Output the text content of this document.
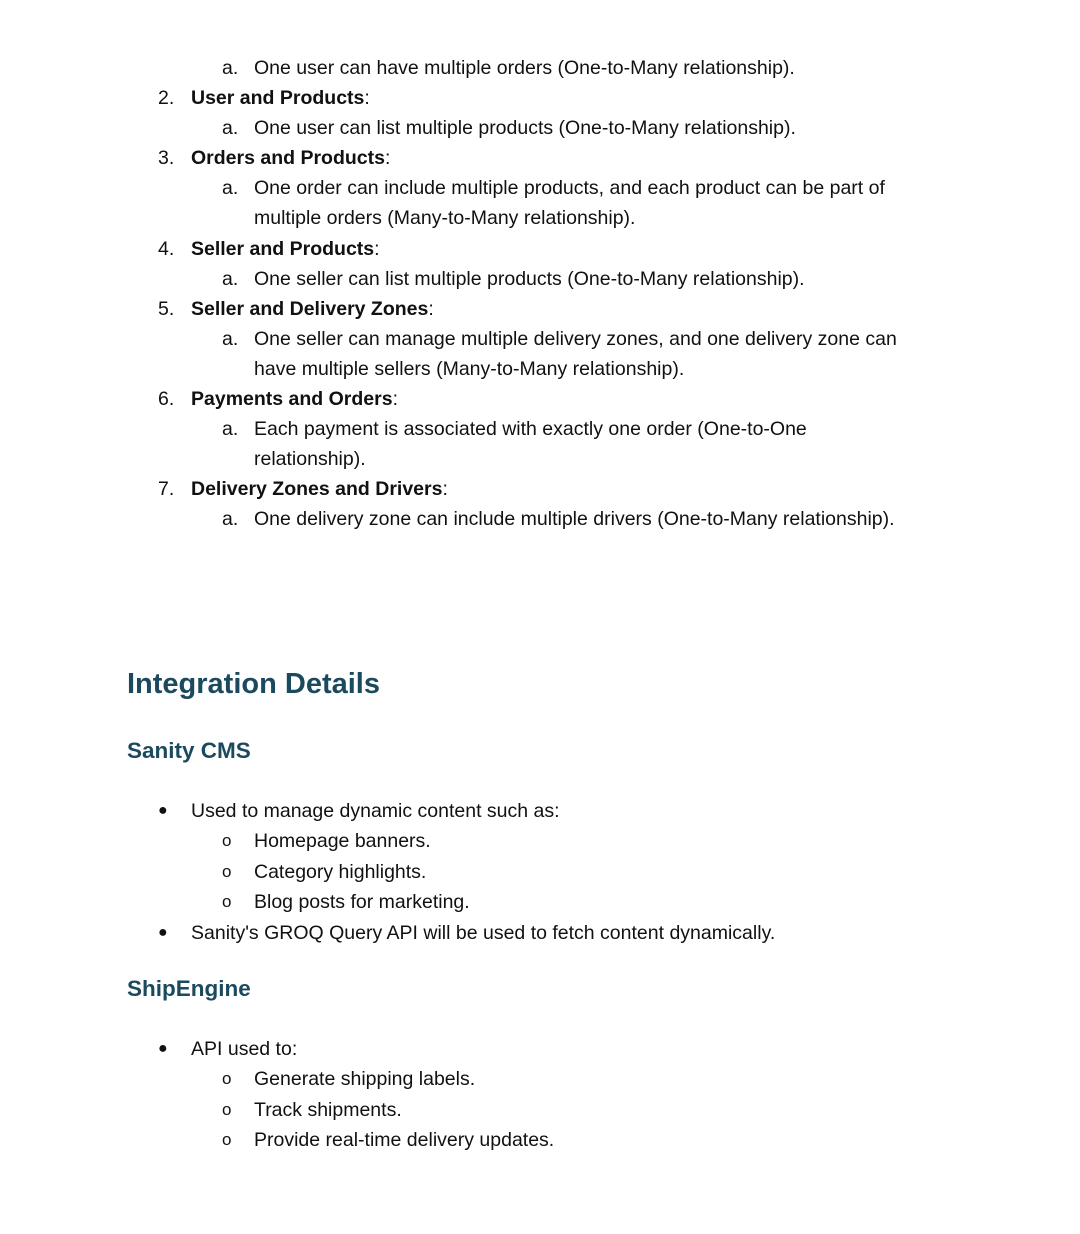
a. One user can have multiple orders (One-to-Many relationship).
2. User and Products:
a. One user can list multiple products (One-to-Many relationship).
3. Orders and Products:
a. One order can include multiple products, and each product can be part of
multiple orders (Many-to-Many relationship).
4. Seller and Products:
a. One seller can list multiple products (One-to-Many relationship).
5. Seller and Delivery Zones:
a. One seller can manage multiple delivery zones, and one delivery zone can
have multiple sellers (Many-to-Many relationship).
6. Payments and Orders:
a. Each payment is associated with exactly one order (One-to-One
relationship).
7. Delivery Zones and Drivers:
a. One delivery zone can include multiple drivers (One-to-Many relationship).
Integration Details
Sanity CMS
● Used to manage dynamic content such as:
o Homepage banners.
o Category highlights.
o Blog posts for marketing.
● Sanity's GROQ Query API will be used to fetch content dynamically.
ShipEngine
● API used to:
o Generate shipping labels.
o Track shipments.
o Provide real-time delivery updates.
